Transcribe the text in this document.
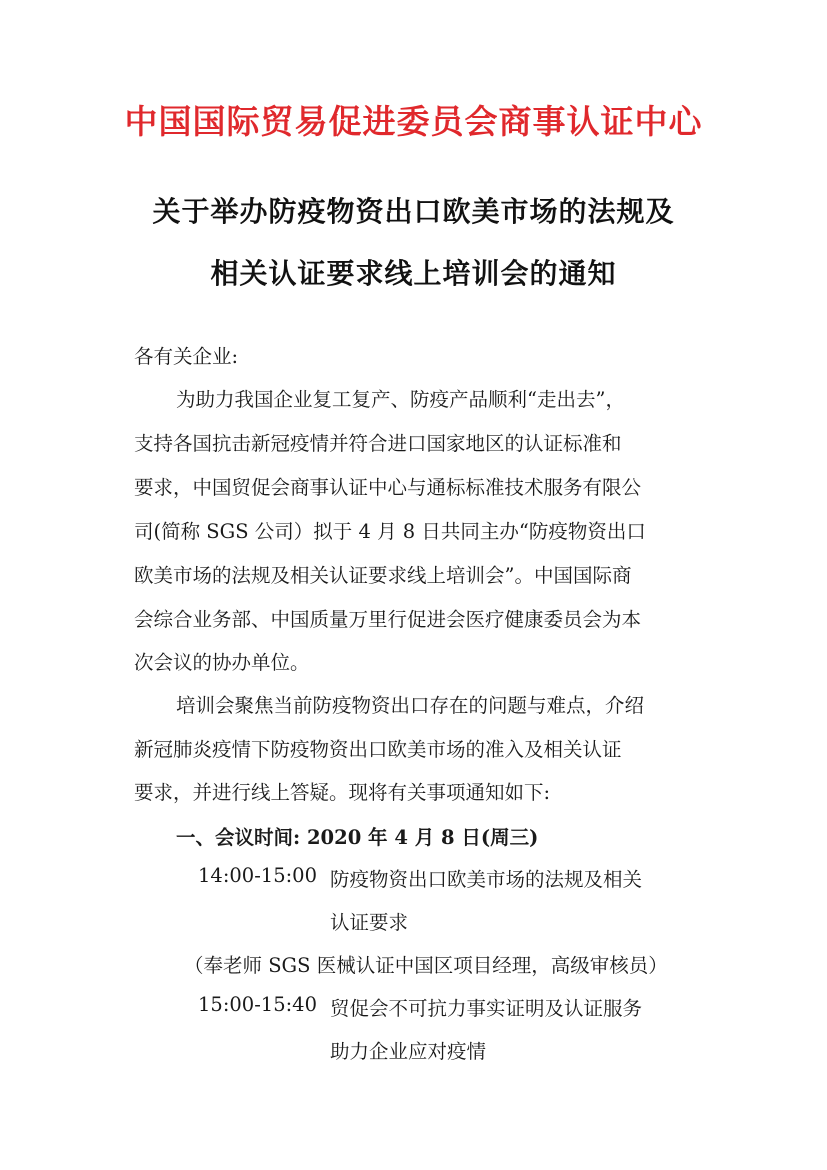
中国国际贸易促进委员会商事认证中心
关于举办防疫物资出口欧美市场的法规及
相关认证要求线上培训会的通知
各有关企业:
为助力我国企业复工复产、防疫产品顺利“走出去”，
支持各国抗击新冠疫情并符合进口国家地区的认证标准和
要求，中国贸促会商事认证中心与通标标准技术服务有限公
司(简称 SGS 公司）拟于 4 月 8 日共同主办“防疫物资出口
欧美市场的法规及相关认证要求线上培训会”。中国国际商
会综合业务部、中国质量万里行促进会医疗健康委员会为本
次会议的协办单位。
培训会聚焦当前防疫物资出口存在的问题与难点，介绍
新冠肺炎疫情下防疫物资出口欧美市场的准入及相关认证
要求，并进行线上答疑。现将有关事项通知如下:
一、会议时间: 2020 年 4 月 8 日(周三)
14:00-15:00 防疫物资出口欧美市场的法规及相关
认证要求
（奉老师 SGS 医械认证中国区项目经理，高级审核员）
15:00-15:40 贸促会不可抗力事实证明及认证服务
助力企业应对疫情
